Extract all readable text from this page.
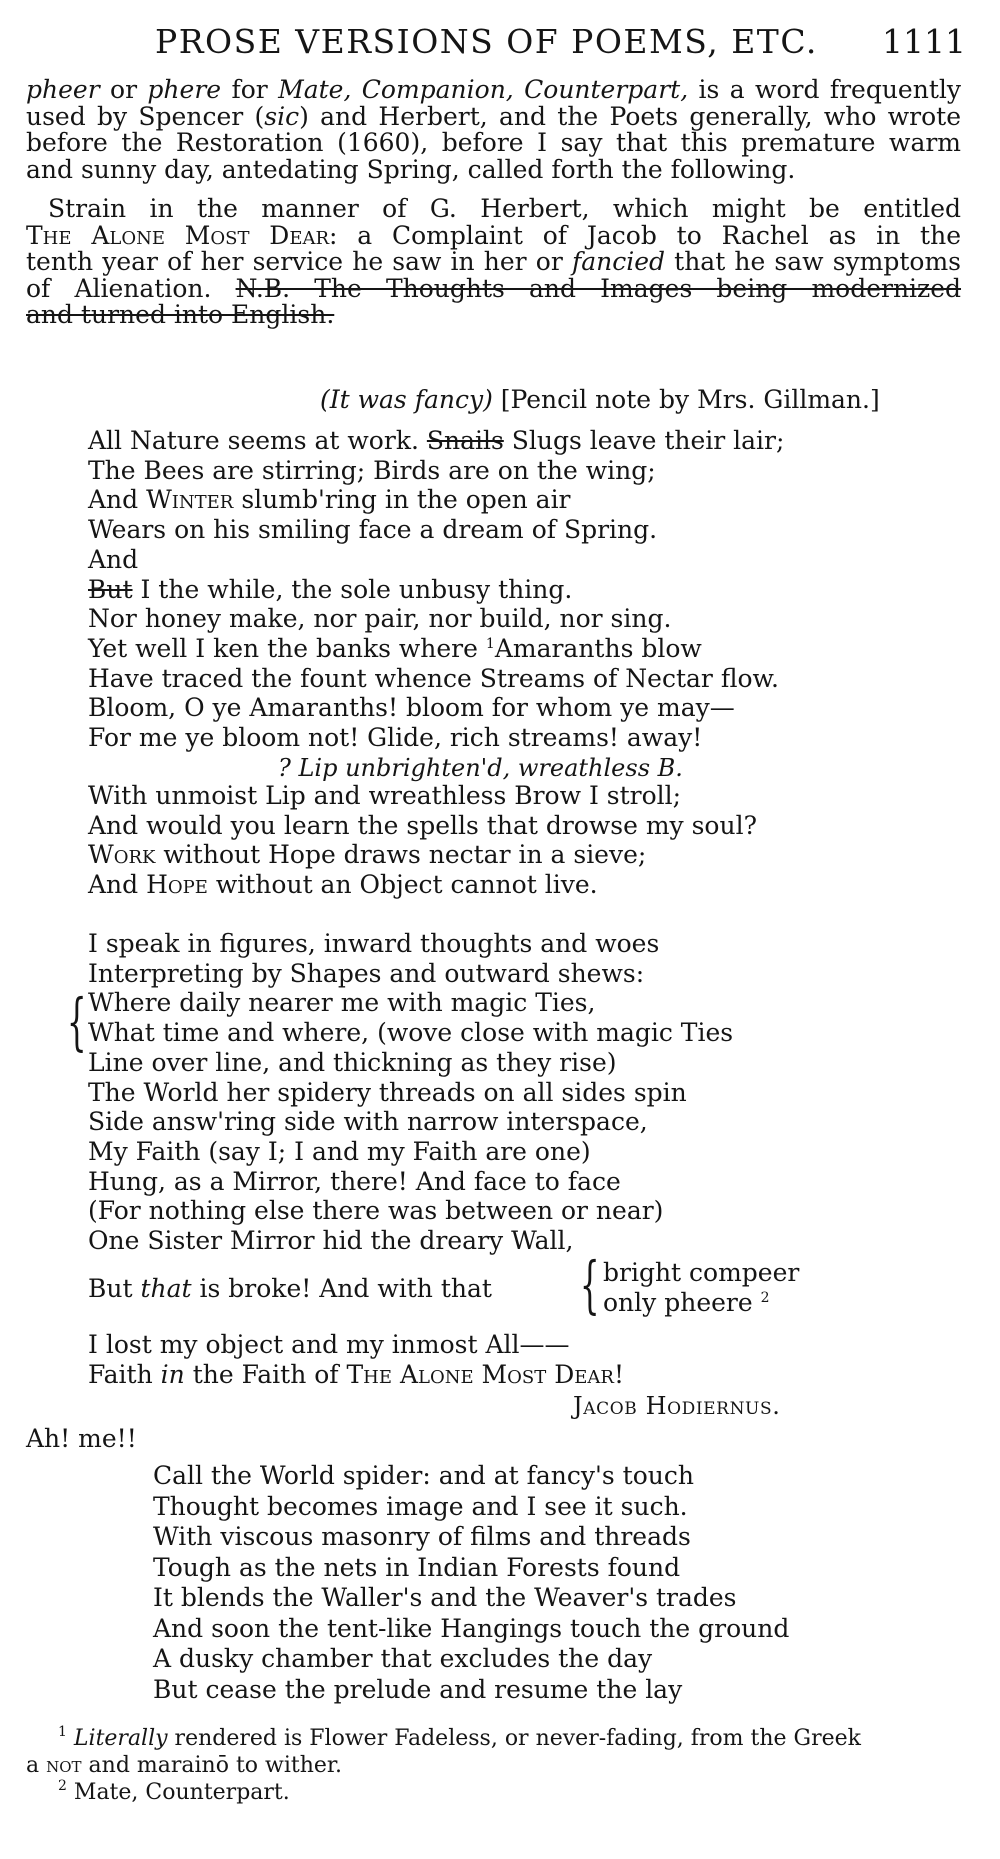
PROSE VERSIONS OF POEMS, ETC. 1111
pheer or phere for Mate, Companion, Counterpart, is a word frequently
used by Spencer (sic) and Herbert, and the Poets generally, who wrote
before the Restoration (1660), before I say that this premature warm
and sunny day, antedating Spring, called forth the following.
Strain in the manner of G. Herbert, which might be entitled
The Alone Most Dear: a Complaint of Jacob to Rachel as in the
tenth year of her service he saw in her or fancied that he saw symptoms
of Alienation. N.B. The Thoughts and Images being modernized
and turned into English.
(It was fancy) [Pencil note by Mrs. Gillman.]
All Nature seems at work. Snails Slugs leave their lair;
The Bees are stirring; Birds are on the wing;
And Winter slumb'ring in the open air
Wears on his smiling face a dream of Spring.
And
But I the while, the sole unbusy thing.
Nor honey make, nor pair, nor build, nor sing.
Yet well I ken the banks where $^1$Amaranths blow
Have traced the fount whence Streams of Nectar flow.
Bloom, O ye Amaranths! bloom for whom ye may—
For me ye bloom not! Glide, rich streams! away!
? Lip unbrighten'd, wreathless B.
With unmoist Lip and wreathless Brow I stroll;
And would you learn the spells that drowse my soul?
Work without Hope draws nectar in a sieve;
And Hope without an Object cannot live.
I speak in figures, inward thoughts and woes
Interpreting by Shapes and outward shews:
Where daily nearer me with magic Ties,
What time and where, (wove close with magic Ties
Line over line, and thickning as they rise)
The World her spidery threads on all sides spin
Side answ'ring side with narrow interspace,
My Faith (say I; I and my Faith are one)
Hung, as a Mirror, there! And face to face
(For nothing else there was between or near)
One Sister Mirror hid the dreary Wall,
{
But that is broke! And with that { bright compeer
only pheere $^2$
I lost my object and my inmost All——
Faith in the Faith of The Alone Most Dear!
Jacob Hodiernus.
Ah! me!!
Call the World spider: and at fancy's touch
Thought becomes image and I see it such.
With viscous masonry of films and threads
Tough as the nets in Indian Forests found
It blends the Waller's and the Weaver's trades
And soon the tent-like Hangings touch the ground
A dusky chamber that excludes the day
But cease the prelude and resume the lay
$^1$ Literally rendered is Flower Fadeless, or never-fading, from the Greek
a not and marainō to wither.
$^2$ Mate, Counterpart.
